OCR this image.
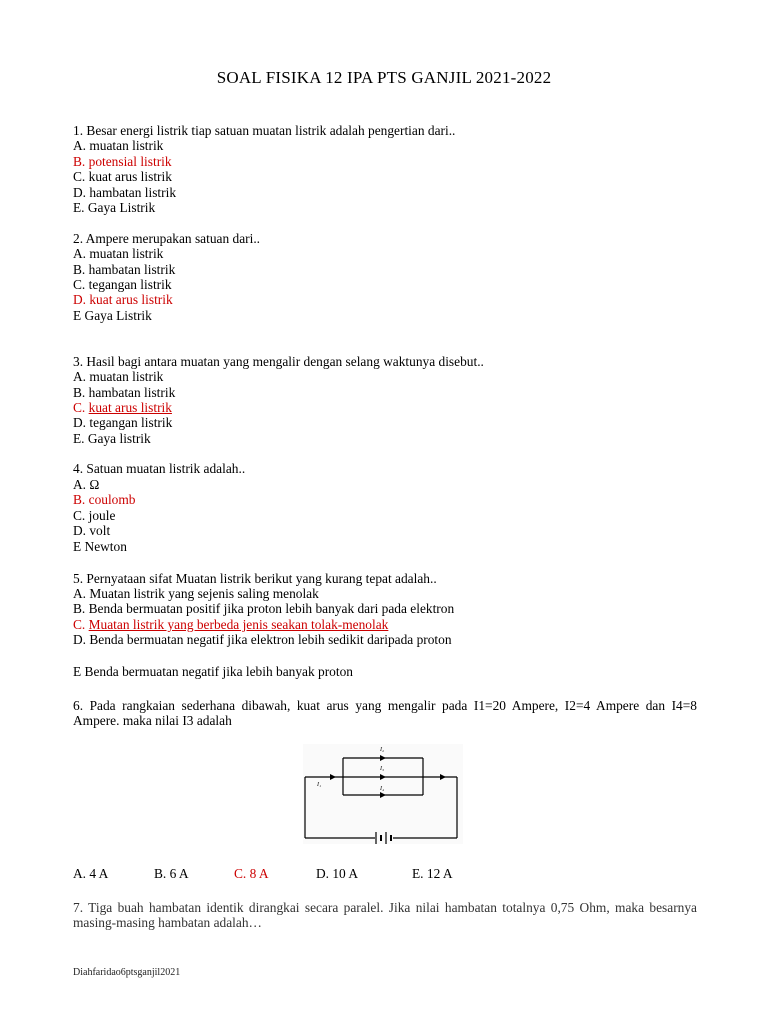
SOAL FISIKA 12 IPA PTS GANJIL 2021-2022
1. Besar energi listrik tiap satuan muatan listrik adalah pengertian dari..
A. muatan listrik
B. potensial listrik
C. kuat arus listrik
D. hambatan listrik
E. Gaya Listrik
2. Ampere merupakan satuan dari..
A. muatan listrik
B. hambatan listrik
C. tegangan listrik
D. kuat arus listrik
E Gaya Listrik
3. Hasil bagi antara muatan yang mengalir dengan selang waktunya disebut..
A. muatan listrik
B. hambatan listrik
C. kuat arus listrik
D. tegangan listrik
E. Gaya listrik
4. Satuan muatan listrik adalah..
A. Ω
B. coulomb
C. joule
D. volt
E Newton
5. Pernyataan sifat Muatan listrik berikut yang kurang tepat adalah..
A. Muatan listrik yang sejenis saling menolak
B. Benda bermuatan positif jika proton lebih banyak dari pada elektron
C. Muatan listrik yang berbeda jenis seakan tolak-menolak
D. Benda bermuatan negatif jika elektron lebih sedikit daripada proton
E Benda bermuatan negatif jika lebih banyak proton
6. Pada rangkaian sederhana dibawah, kuat arus yang mengalir pada I1=20 Ampere, I2=4 Ampere dan I4=8 Ampere. maka nilai I3 adalah
I₁
I₂
I₃
I₄
A. 4 A	B. 6 A	C. 8 A	D. 10 A	E. 12 A
7. Tiga buah hambatan identik dirangkai secara paralel. Jika nilai hambatan totalnya 0,75 Ohm, maka besarnya masing-masing hambatan adalah…
Diahfaridao6ptsganjil2021
